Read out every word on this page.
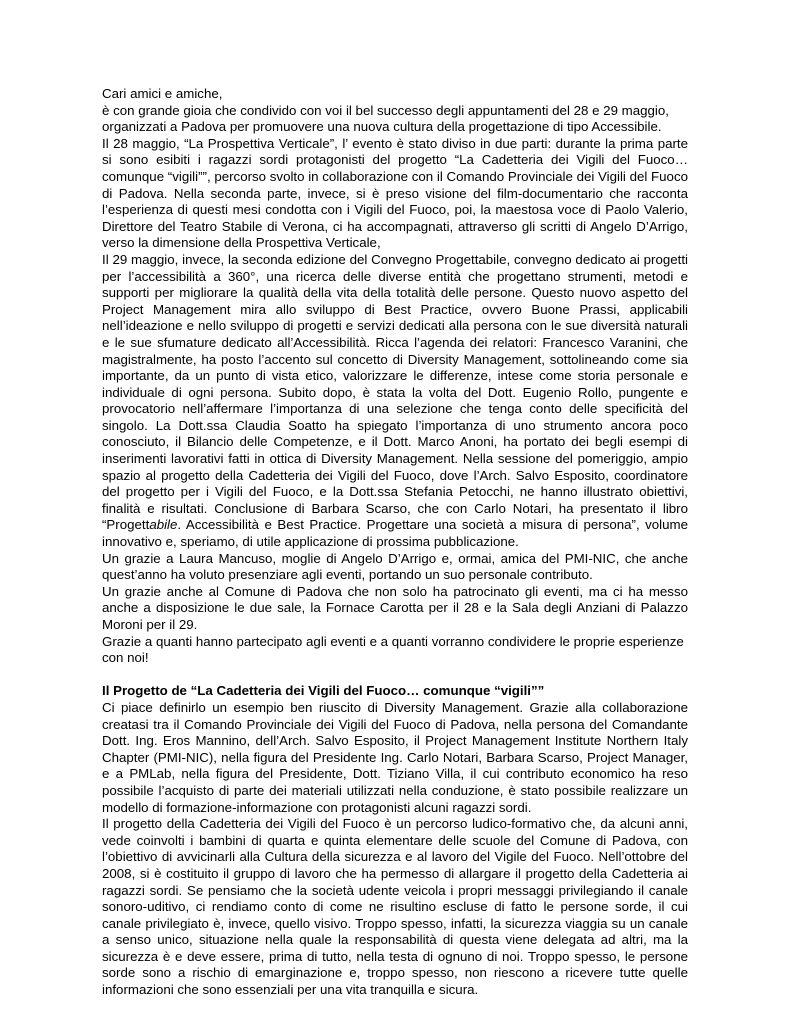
Cari amici e amiche,

è con grande gioia che condivido con voi il bel successo degli appuntamenti del 28 e 29 maggio, organizzati a Padova per promuovere una nuova cultura della progettazione di tipo Accessibile.

Il 28 maggio, “La Prospettiva Verticale”, l’ evento è stato diviso in due parti: durante la prima parte si sono esibiti i ragazzi sordi protagonisti del progetto “La Cadetteria dei Vigili del Fuoco… comunque “vigili””, percorso svolto in collaborazione con il Comando Provinciale dei Vigili del Fuoco di Padova. Nella seconda parte, invece, si è preso visione del film-documentario che racconta l’esperienza di questi mesi condotta con i Vigili del Fuoco, poi, la maestosa voce di Paolo Valerio, Direttore del Teatro Stabile di Verona, ci ha accompagnati, attraverso gli scritti di Angelo D’Arrigo, verso la dimensione della Prospettiva Verticale,

Il 29 maggio, invece, la seconda edizione del Convegno Progettabile, convegno dedicato ai progetti per l’accessibilità a 360°, una ricerca delle diverse entità che progettano strumenti, metodi e supporti per migliorare la qualità della vita della totalità delle persone. Questo nuovo aspetto del Project Management mira allo sviluppo di Best Practice, ovvero Buone Prassi, applicabili nell’ideazione e nello sviluppo di progetti e servizi dedicati alla persona con le sue diversità naturali e le sue sfumature dedicato all’Accessibilità. Ricca l’agenda dei relatori: Francesco Varanini, che magistralmente, ha posto l’accento sul concetto di Diversity Management, sottolineando come sia importante, da un punto di vista etico, valorizzare le differenze, intese come storia personale e individuale di ogni persona. Subito dopo, è stata la volta del Dott. Eugenio Rollo, pungente e provocatorio nell’affermare l’importanza di una selezione che tenga conto delle specificità del singolo. La Dott.ssa Claudia Soatto ha spiegato l’importanza di uno strumento ancora poco conosciuto, il Bilancio delle Competenze, e il Dott. Marco Anoni, ha portato dei begli esempi di inserimenti lavorativi fatti in ottica di Diversity Management. Nella sessione del pomeriggio, ampio spazio al progetto della Cadetteria dei Vigili del Fuoco, dove l’Arch. Salvo Esposito, coordinatore del progetto per i Vigili del Fuoco, e la Dott.ssa Stefania Petocchi, ne hanno illustrato obiettivi, finalità e risultati. Conclusione di Barbara Scarso, che con Carlo Notari, ha presentato il libro “Progettabile. Accessibilità e Best Practice. Progettare una società a misura di persona”, volume innovativo e, speriamo, di utile applicazione di prossima pubblicazione.

Un grazie a Laura Mancuso, moglie di Angelo D’Arrigo e, ormai, amica del PMI-NIC, che anche quest’anno ha voluto presenziare agli eventi, portando un suo personale contributo.

Un grazie anche al Comune di Padova che non solo ha patrocinato gli eventi, ma ci ha messo anche a disposizione le due sale, la Fornace Carotta per il 28 e la Sala degli Anziani di Palazzo Moroni per il 29.

Grazie a quanti hanno partecipato agli eventi e a quanti vorranno condividere le proprie esperienze con noi!

Il Progetto de “La Cadetteria dei Vigili del Fuoco… comunque “vigili””

Ci piace definirlo un esempio ben riuscito di Diversity Management. Grazie alla collaborazione creatasi tra il Comando Provinciale dei Vigili del Fuoco di Padova, nella persona del Comandante Dott. Ing. Eros Mannino, dell’Arch. Salvo Esposito, il Project Management Institute Northern Italy Chapter (PMI-NIC), nella figura del Presidente Ing. Carlo Notari, Barbara Scarso, Project Manager, e a PMLab, nella figura del Presidente, Dott. Tiziano Villa, il cui contributo economico ha reso possibile l’acquisto di parte dei materiali utilizzati nella conduzione, è stato possibile realizzare un modello di formazione-informazione con protagonisti alcuni ragazzi sordi.

Il progetto della Cadetteria dei Vigili del Fuoco è un percorso ludico-formativo che, da alcuni anni, vede coinvolti i bambini di quarta e quinta elementare delle scuole del Comune di Padova, con l’obiettivo di avvicinarli alla Cultura della sicurezza e al lavoro del Vigile del Fuoco. Nell’ottobre del 2008, si è costituito il gruppo di lavoro che ha permesso di allargare il progetto della Cadetteria ai ragazzi sordi. Se pensiamo che la società udente veicola i propri messaggi privilegiando il canale sonoro-uditivo, ci rendiamo conto di come ne risultino escluse di fatto le persone sorde, il cui canale privilegiato è, invece, quello visivo. Troppo spesso, infatti, la sicurezza viaggia su un canale a senso unico, situazione nella quale la responsabilità di questa viene delegata ad altri, ma la sicurezza è e deve essere, prima di tutto, nella testa di ognuno di noi. Troppo spesso, le persone sorde sono a rischio di emarginazione e, troppo spesso, non riescono a ricevere tutte quelle informazioni che sono essenziali per una vita tranquilla e sicura.
